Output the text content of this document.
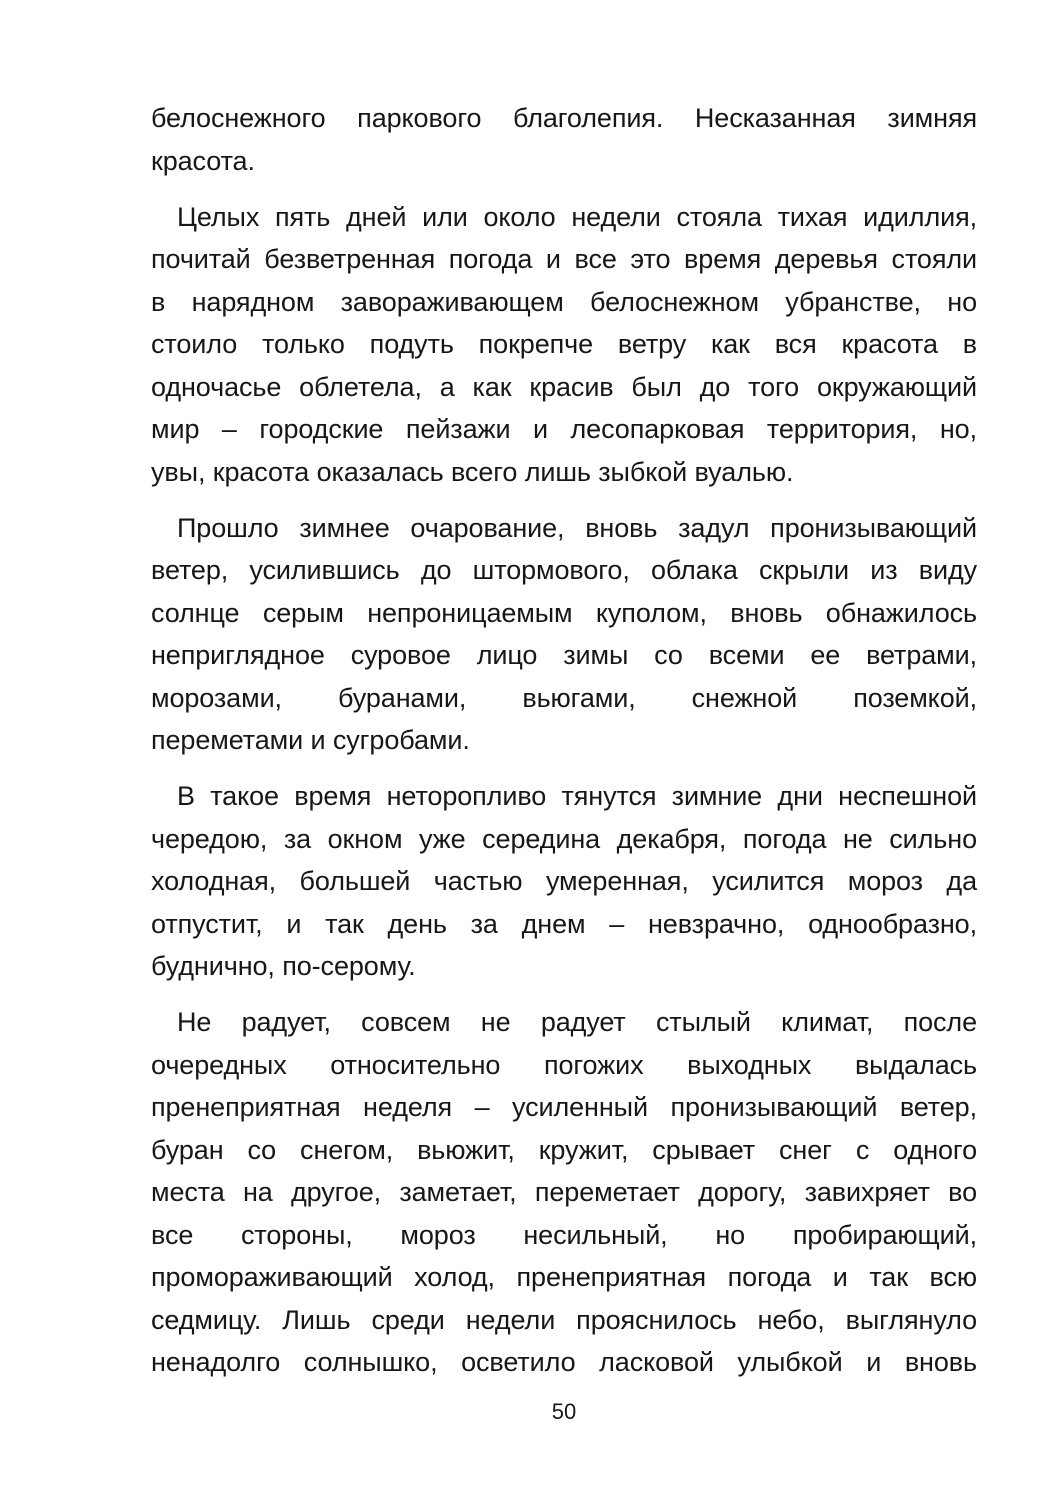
белоснежного паркового благолепия. Несказанная зимняя
красота.
Целых пять дней или около недели стояла тихая идиллия,
почитай безветренная погода и все это время деревья стояли
в нарядном завораживающем белоснежном убранстве, но
стоило только подуть покрепче ветру как вся красота в
одночасье облетела, а как красив был до того окружающий
мир – городские пейзажи и лесопарковая территория, но,
увы, красота оказалась всего лишь зыбкой вуалью.
Прошло зимнее очарование, вновь задул пронизывающий
ветер, усилившись до штормового, облака скрыли из виду
солнце серым непроницаемым куполом, вновь обнажилось
неприглядное суровое лицо зимы со всеми ее ветрами,
морозами, буранами, вьюгами, снежной поземкой,
переметами и сугробами.
В такое время неторопливо тянутся зимние дни неспешной
чередою, за окном уже середина декабря, погода не сильно
холодная, большей частью умеренная, усилится мороз да
отпустит, и так день за днем – невзрачно, однообразно,
буднично, по-серому.
Не радует, совсем не радует стылый климат, после
очередных относительно погожих выходных выдалась
пренеприятная неделя – усиленный пронизывающий ветер,
буран со снегом, вьюжит, кружит, срывает снег с одного
места на другое, заметает, переметает дорогу, завихряет во
все стороны, мороз несильный, но пробирающий,
промораживающий холод, пренеприятная погода и так всю
седмицу. Лишь среди недели прояснилось небо, выглянуло
ненадолго солнышко, осветило ласковой улыбкой и вновь
50
